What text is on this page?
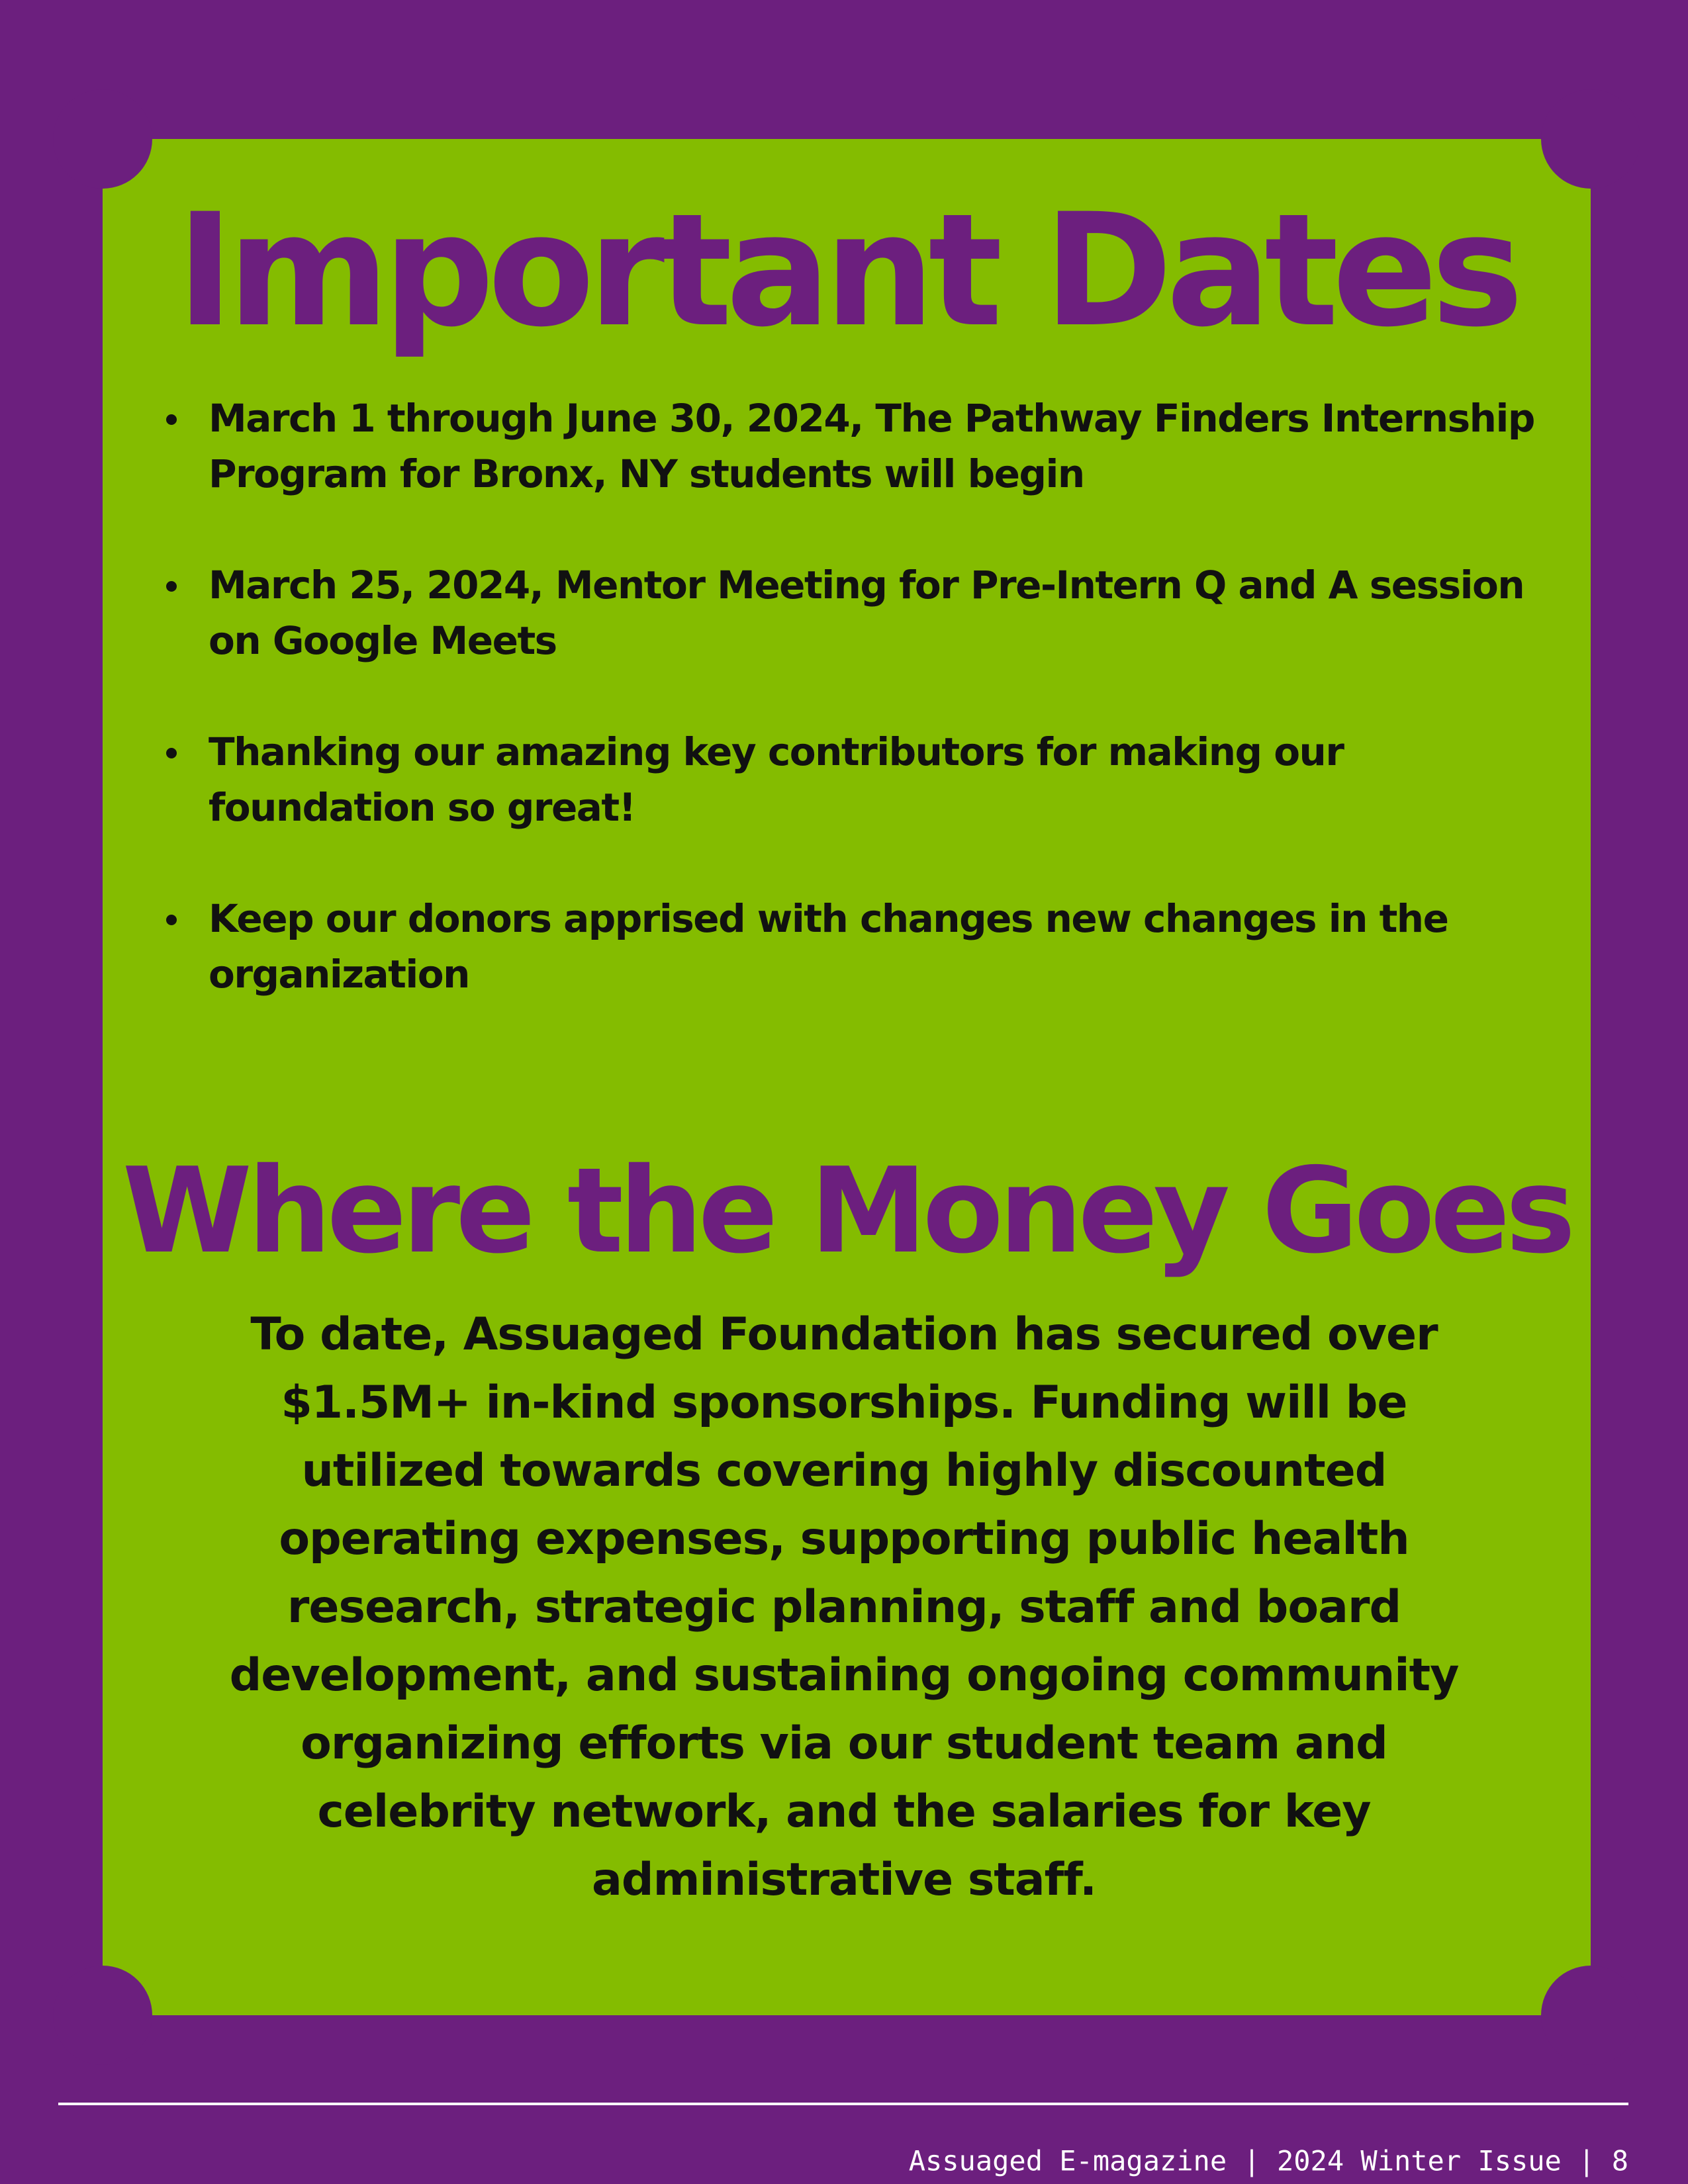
Important Dates
March 1 through June 30, 2024, The Pathway Finders Internship Program for Bronx, NY students will begin
March 25, 2024, Mentor Meeting for Pre-Intern Q and A session on Google Meets
Thanking our amazing key contributors for making our foundation so great!
Keep our donors apprised with changes new changes in the organization
Where the Money Goes

To date, Assuaged Foundation has secured over $1.5M+ in-kind sponsorships. Funding will be utilized towards covering highly discounted operating expenses, supporting public health research, strategic planning, staff and board development, and sustaining ongoing community organizing efforts via our student team and celebrity network, and the salaries for key administrative staff.

Assuaged E-magazine | 2024 Winter Issue | 8
